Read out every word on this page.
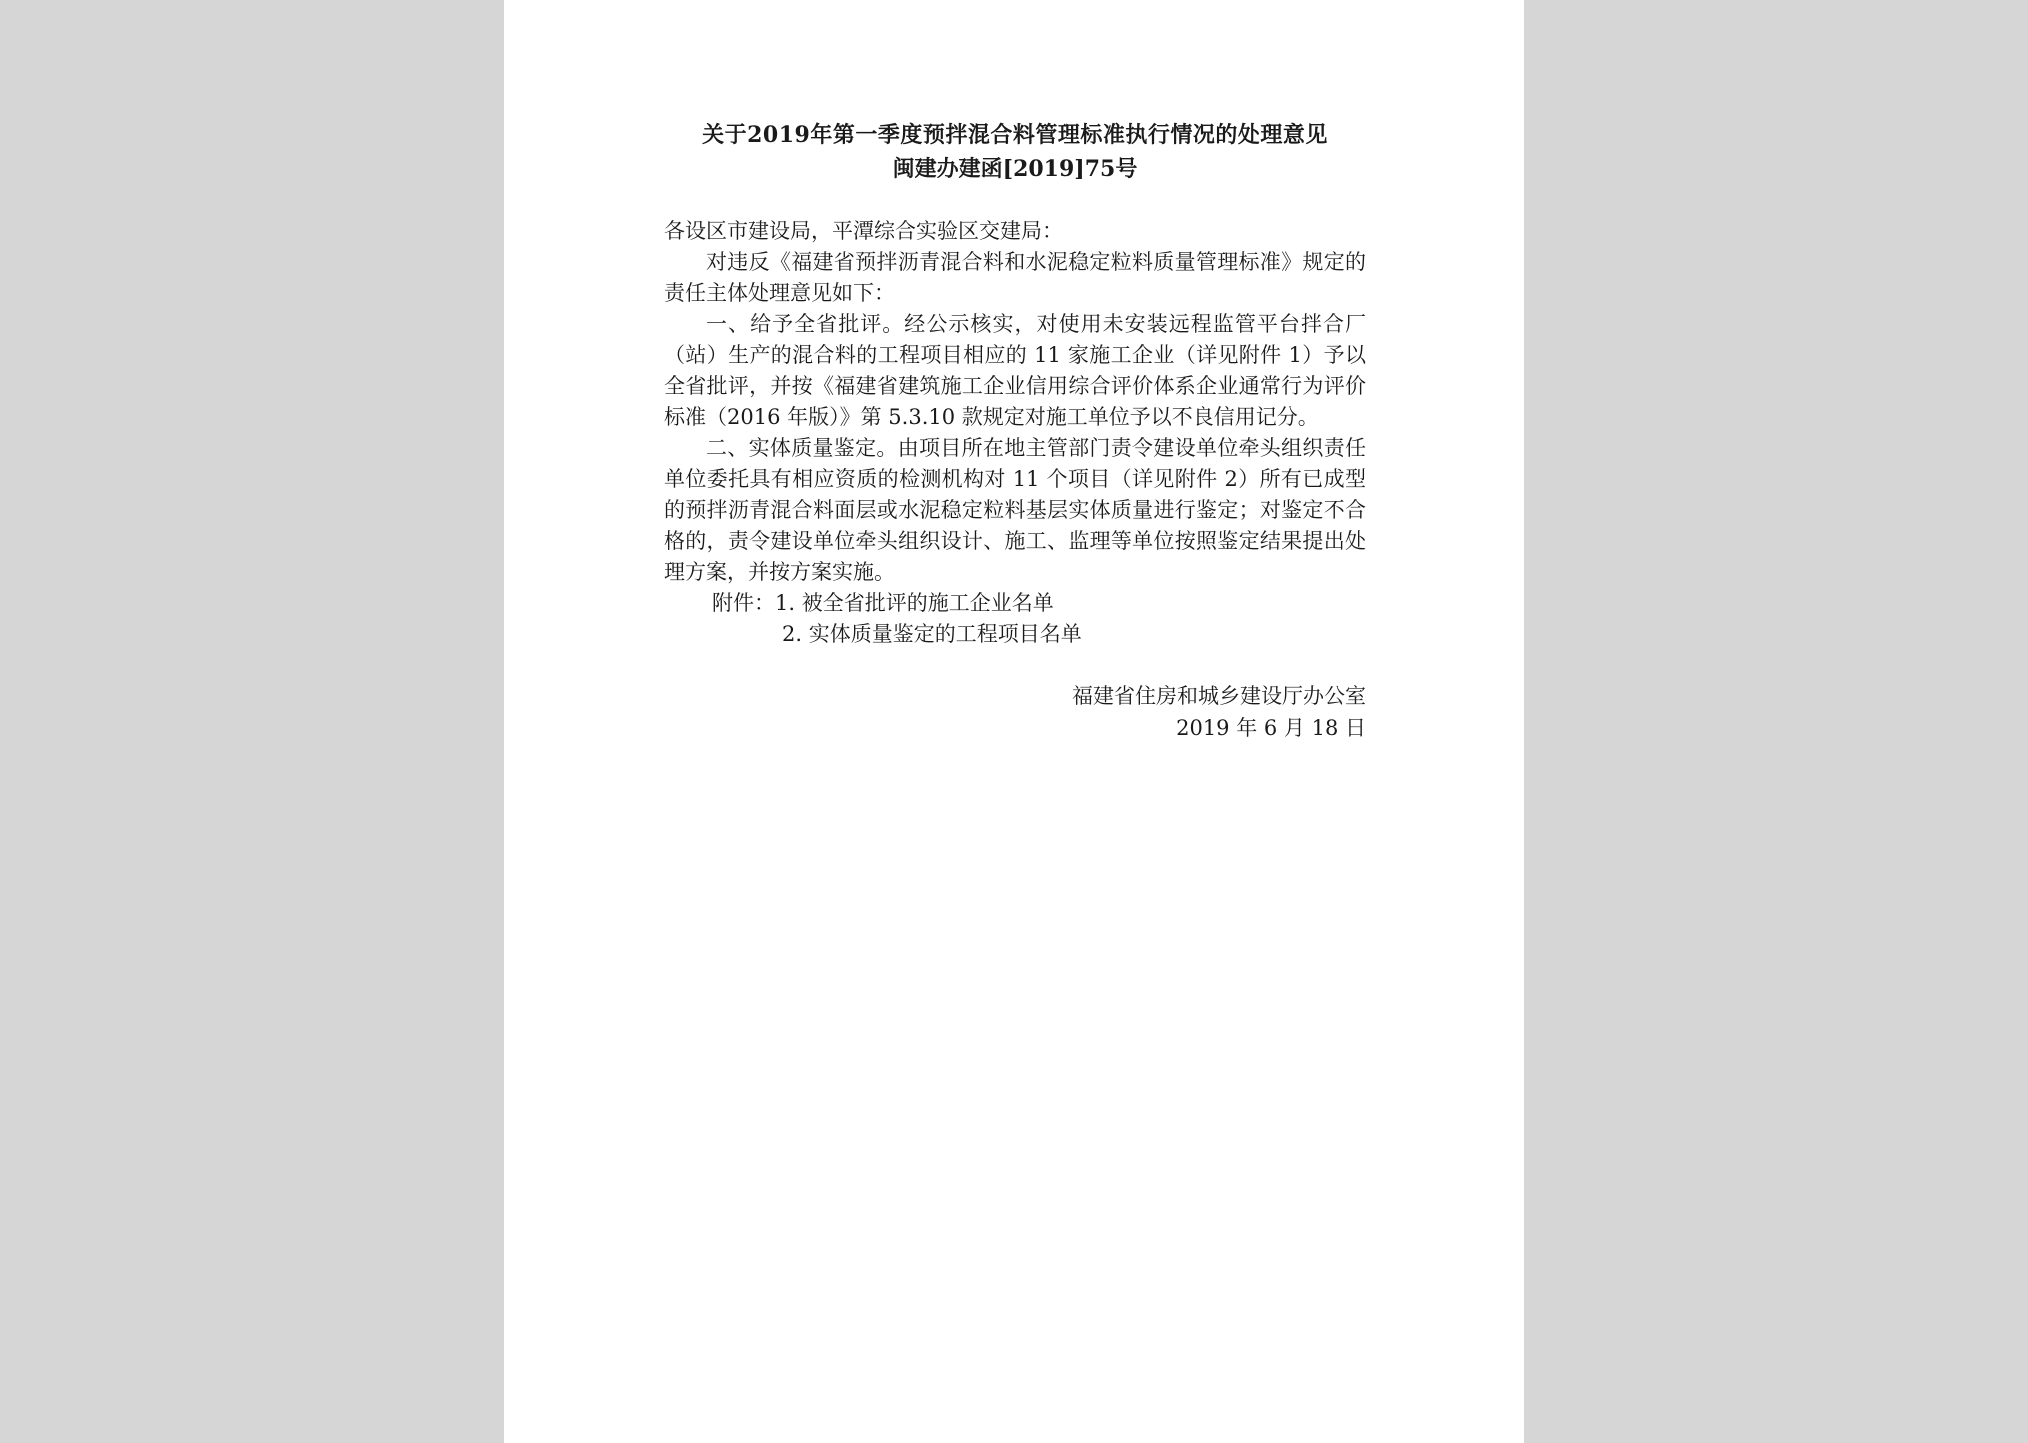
关于2019年第一季度预拌混合料管理标准执行情况的处理意见
闽建办建函[2019]75号

各设区市建设局，平潭综合实验区交建局：

对违反《福建省预拌沥青混合料和水泥稳定粒料质量管理标准》规定的责任主体处理意见如下：

一、给予全省批评。经公示核实，对使用未安装远程监管平台拌合厂（站）生产的混合料的工程项目相应的 11 家施工企业（详见附件 1）予以全省批评，并按《福建省建筑施工企业信用综合评价体系企业通常行为评价标准（2016 年版）》第 5.3.10 款规定对施工单位予以不良信用记分。

二、实体质量鉴定。由项目所在地主管部门责令建设单位牵头组织责任单位委托具有相应资质的检测机构对 11 个项目（详见附件 2）所有已成型的预拌沥青混合料面层或水泥稳定粒料基层实体质量进行鉴定；对鉴定不合格的，责令建设单位牵头组织设计、施工、监理等单位按照鉴定结果提出处理方案，并按方案实施。

附件： 1. 被全省批评的施工企业名单
2. 实体质量鉴定的工程项目名单
福建省住房和城乡建设厅办公室
2019 年 6 月 18 日
